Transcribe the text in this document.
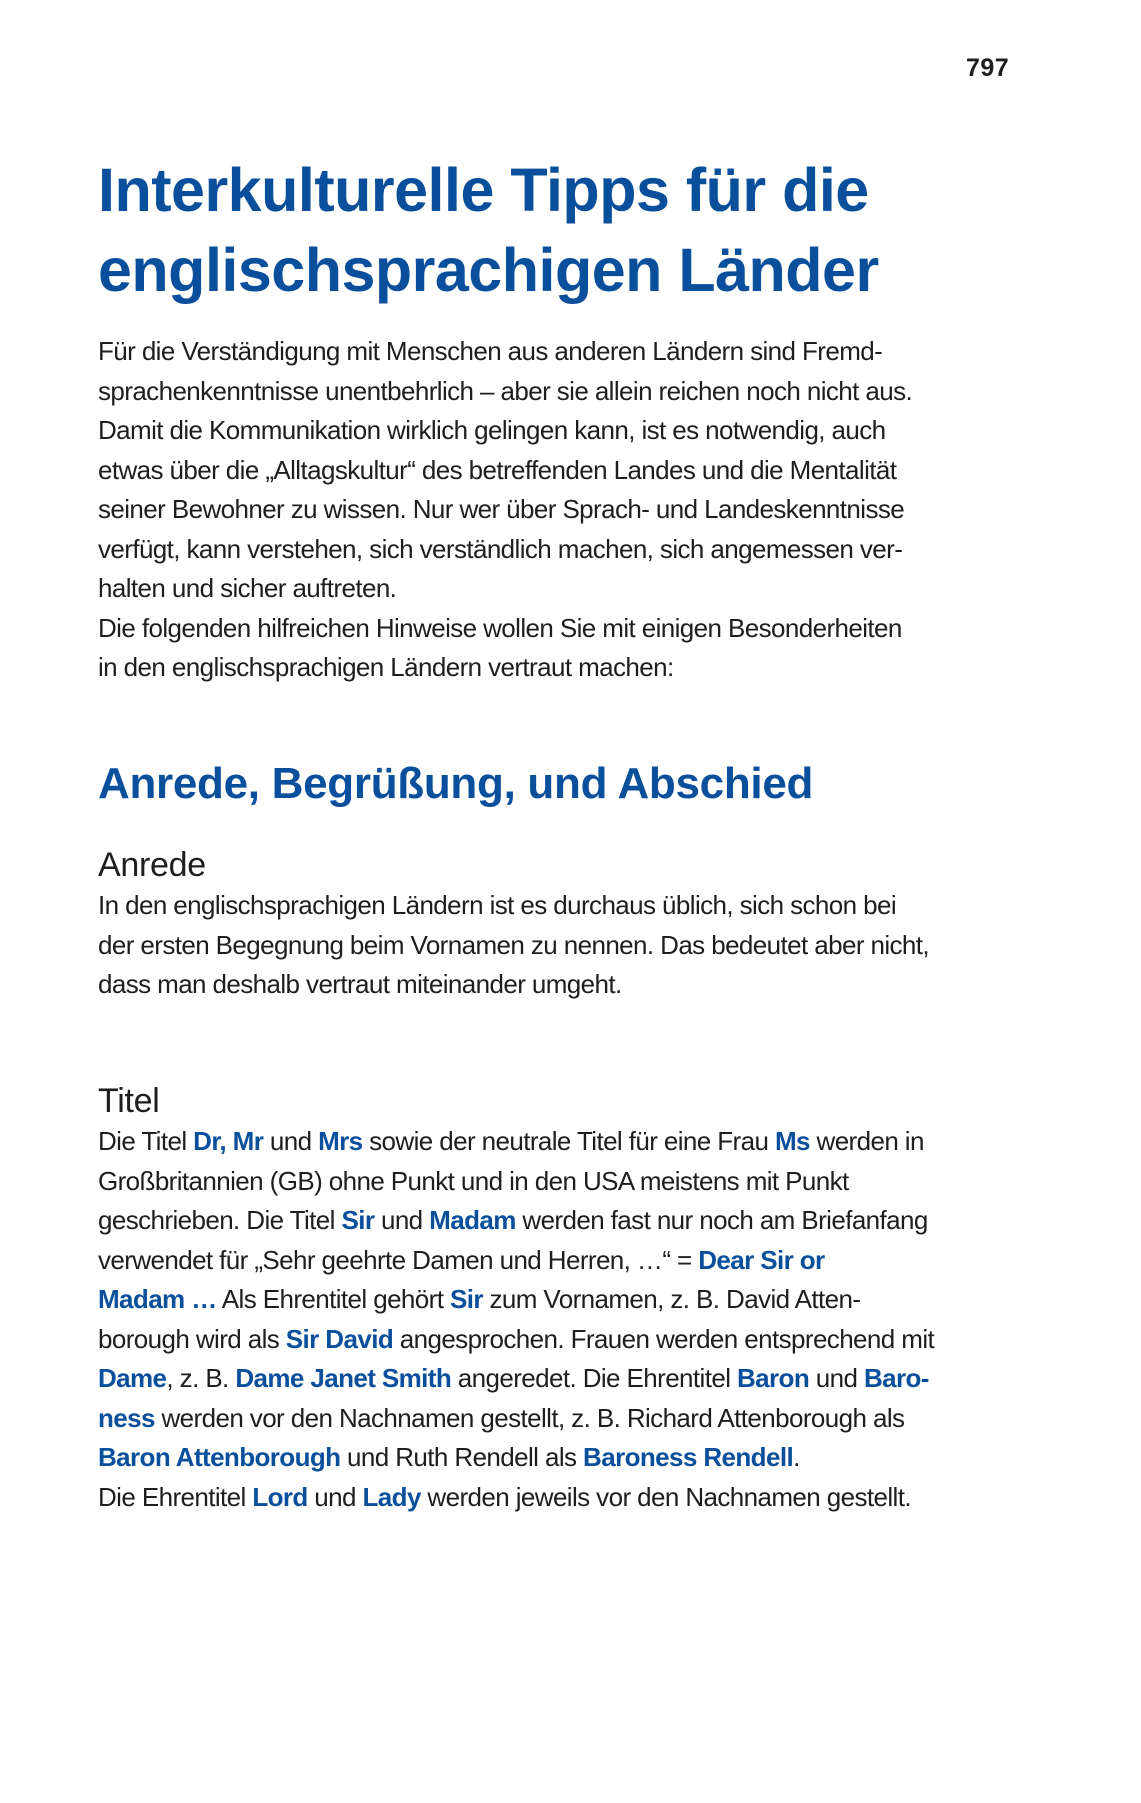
797
Interkulturelle Tipps für die
englischsprachigen Länder
Für die Verständigung mit Menschen aus anderen Ländern sind Fremd-
sprachenkenntnisse unentbehrlich – aber sie allein reichen noch nicht aus.
Damit die Kommunikation wirklich gelingen kann, ist es notwendig, auch
etwas über die „Alltagskultur“ des betreffenden Landes und die Mentalität
seiner Bewohner zu wissen. Nur wer über Sprach- und Landeskenntnisse
verfügt, kann verstehen, sich verständlich machen, sich angemessen ver-
halten und sicher auftreten.
Die folgenden hilfreichen Hinweise wollen Sie mit einigen Besonderheiten
in den englischsprachigen Ländern vertraut machen:
Anrede, Begrüßung, und Abschied
Anrede
In den englischsprachigen Ländern ist es durchaus üblich, sich schon bei
der ersten Begegnung beim Vornamen zu nennen. Das bedeutet aber nicht,
dass man deshalb vertraut miteinander umgeht.
Titel
Die Titel Dr, Mr und Mrs sowie der neutrale Titel für eine Frau Ms werden in
Großbritannien (GB) ohne Punkt und in den USA meistens mit Punkt
geschrieben. Die Titel Sir und Madam werden fast nur noch am Briefanfang
verwendet für „Sehr geehrte Damen und Herren, …“ = Dear Sir or
Madam … Als Ehrentitel gehört Sir zum Vornamen, z. B. David Atten-
borough wird als Sir David angesprochen. Frauen werden entsprechend mit
Dame, z. B. Dame Janet Smith angeredet. Die Ehrentitel Baron und Baro-
ness werden vor den Nachnamen gestellt, z. B. Richard Attenborough als
Baron Attenborough und Ruth Rendell als Baroness Rendell.
Die Ehrentitel Lord und Lady werden jeweils vor den Nachnamen gestellt.
